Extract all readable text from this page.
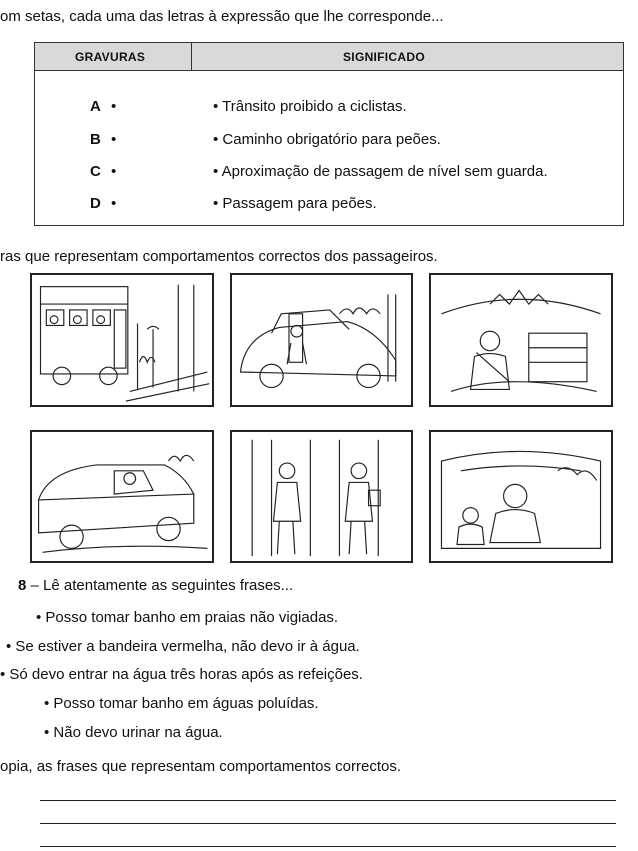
om setas, cada uma das letras à expressão que lhe corresponde...
GRAVURAS	SIGNIFICADO
A •	• Trânsito proibido a ciclistas.
B •	• Caminho obrigatório para peões.
C •	• Aproximação de passagem de nível sem guarda.
D •	• Passagem para peões.
ras que representam comportamentos correctos dos passageiros.
8 – Lê atentamente as seguintes frases...
• Posso tomar banho em praias não vigiadas.
• Se estiver a bandeira vermelha, não devo ir à água.
• Só devo entrar na água três horas após as refeições.
• Posso tomar banho em águas poluídas.
• Não devo urinar na água.
opia, as frases que representam comportamentos correctos.
